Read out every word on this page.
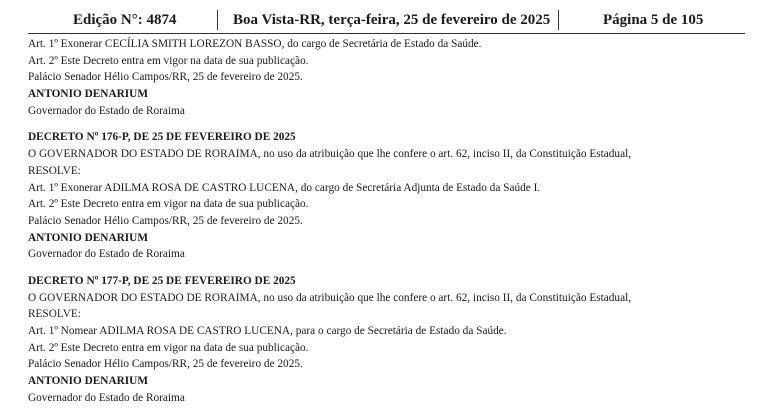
Edição N°: 4874	Boa Vista-RR, terça-feira, 25 de fevereiro de 2025	Página 5 de 105
Art. 1º Exonerar CECÍLIA SMITH LOREZON BASSO, do cargo de Secretária de Estado da Saúde.
Art. 2º Este Decreto entra em vigor na data de sua publicação.
Palácio Senador Hélio Campos/RR, 25 de fevereiro de 2025.
ANTONIO DENARIUM
Governador do Estado de Roraima
DECRETO Nº 176-P, DE 25 DE FEVEREIRO DE 2025
O GOVERNADOR DO ESTADO DE RORAIMA, no uso da atribuição que lhe confere o art. 62, inciso II, da Constituição Estadual,
RESOLVE:
Art. 1º Exonerar ADILMA ROSA DE CASTRO LUCENA, do cargo de Secretária Adjunta de Estado da Saúde I.
Art. 2º Este Decreto entra em vigor na data de sua publicação.
Palácio Senador Hélio Campos/RR, 25 de fevereiro de 2025.
ANTONIO DENARIUM
Governador do Estado de Roraima
DECRETO Nº 177-P, DE 25 DE FEVEREIRO DE 2025
O GOVERNADOR DO ESTADO DE RORAIMA, no uso da atribuição que lhe confere o art. 62, inciso II, da Constituição Estadual,
RESOLVE:
Art. 1º Nomear ADILMA ROSA DE CASTRO LUCENA, para o cargo de Secretária de Estado da Saúde.
Art. 2º Este Decreto entra em vigor na data de sua publicação.
Palácio Senador Hélio Campos/RR, 25 de fevereiro de 2025.
ANTONIO DENARIUM
Governador do Estado de Roraima
